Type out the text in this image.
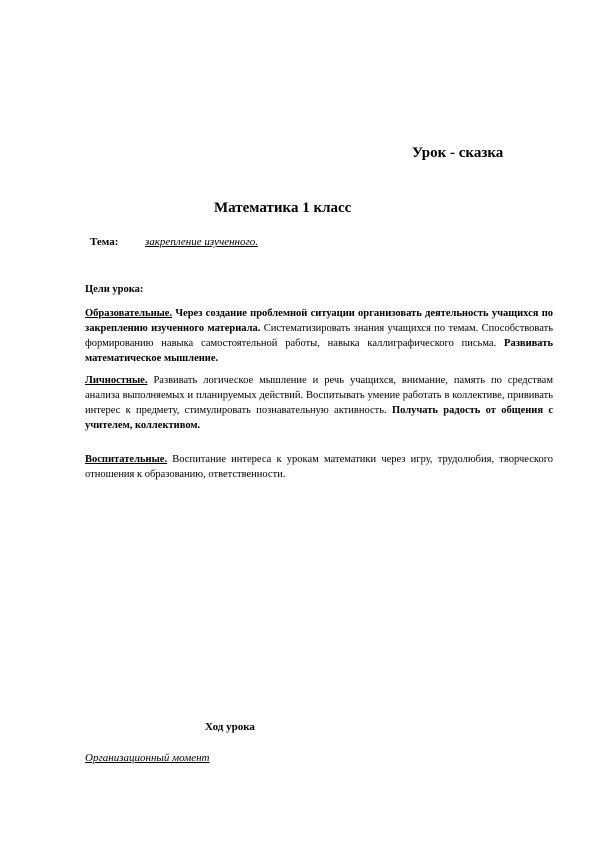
Урок - сказка
Математика 1 класс
Тема: закрепление изученного.
Цели урока:
Образовательные. Через создание проблемной ситуации организовать деятельность учащихся по закреплению изученного материала. Систематизировать знания учащихся по темам. Способствовать формированию навыка самостоятельной работы, навыка каллиграфического письма. Развивать математическое мышление.
Личностные. Развивать логическое мышление и речь учащихся, внимание, память по средствам анализа выполняемых и планируемых действий. Воспитывать умение работать в коллективе, прививать интерес к предмету, стимулировать познавательную активность. Получать радость от общения с учителем, коллективом.
Воспитательные. Воспитание интереса к урокам математики через игру, трудолюбия, творческого отношения к образованию, ответственности.
Ход урока
Организационный момент
